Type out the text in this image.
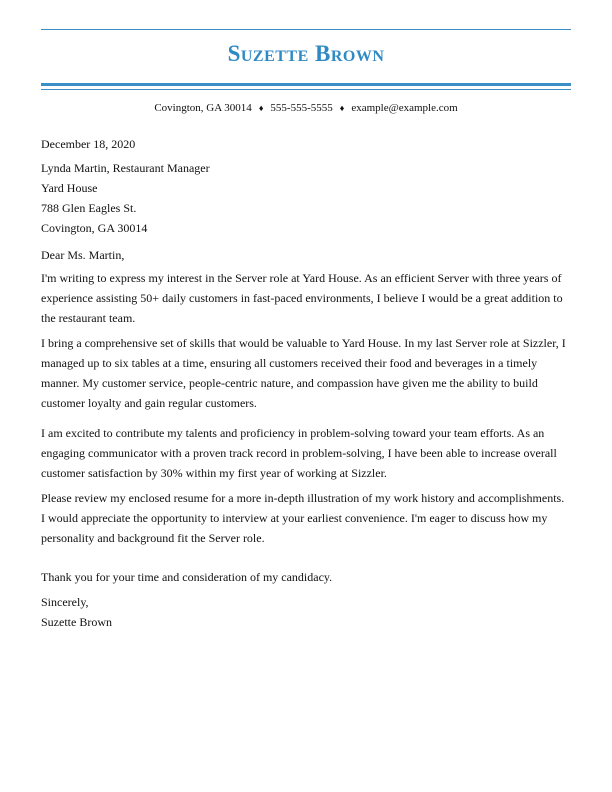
Suzette Brown
Covington, GA 30014 ♦ 555-555-5555 ♦ example@example.com
December 18, 2020
Lynda Martin, Restaurant Manager
Yard House
788 Glen Eagles St.
Covington, GA 30014
Dear Ms. Martin,
I'm writing to express my interest in the Server role at Yard House. As an efficient Server with three years of
experience assisting 50+ daily customers in fast-paced environments, I believe I would be a great addition to
the restaurant team.
I bring a comprehensive set of skills that would be valuable to Yard House. In my last Server role at Sizzler, I
managed up to six tables at a time, ensuring all customers received their food and beverages in a timely
manner. My customer service, people-centric nature, and compassion have given me the ability to build
customer loyalty and gain regular customers.
I am excited to contribute my talents and proficiency in problem-solving toward your team efforts. As an
engaging communicator with a proven track record in problem-solving, I have been able to increase overall
customer satisfaction by 30% within my first year of working at Sizzler.
Please review my enclosed resume for a more in-depth illustration of my work history and accomplishments.
I would appreciate the opportunity to interview at your earliest convenience. I'm eager to discuss how my
personality and background fit the Server role.
Thank you for your time and consideration of my candidacy.
Sincerely,
Suzette Brown
